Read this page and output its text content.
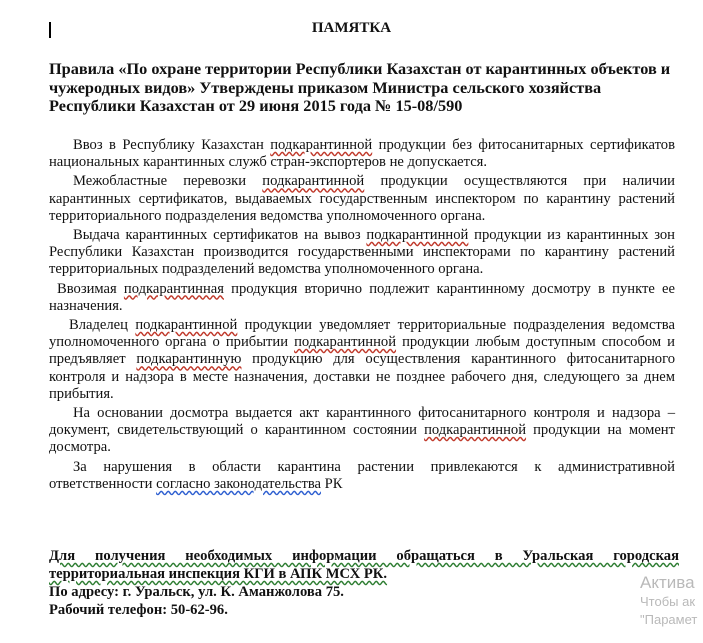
ПАМЯТКА
Правила «По охране территории Республики Казахстан от карантинных объектов и чужеродных видов» Утверждены приказом Министра сельского хозяйства Республики Казахстан от 29 июня 2015 года № 15-08/590

Ввоз в Республику Казахстан подкарантинной продукции без фитосанитарных сертификатов национальных карантинных служб стран-экспортеров не допускается.

Межобластные перевозки подкарантинной продукции осуществляются при наличии карантинных сертификатов, выдаваемых государственным инспектором по карантину растений территориального подразделения ведомства уполномоченного органа.

Выдача карантинных сертификатов на вывоз подкарантинной продукции из карантинных зон Республики Казахстан производится государственными инспекторами по карантину растений территориальных подразделений ведомства уполномоченного органа.

Ввозимая подкарантинная продукция вторично подлежит карантинному досмотру в пункте ее назначения.

Владелец подкарантинной продукции уведомляет территориальные подразделения ведомства уполномоченного органа о прибытии подкарантинной продукции любым доступным способом и предъявляет подкарантинную продукцию для осуществления карантинного фитосанитарного контроля и надзора в месте назначения, доставки не позднее рабочего дня, следующего за днем прибытия.

На основании досмотра выдается акт карантинного фитосанитарного контроля и надзора – документ, свидетельствующий о карантинном состоянии подкарантинной продукции на момент досмотра.

За нарушения в области карантина растении привлекаются к административной ответственности согласно законодательства РК

Для получения необходимых информации обращаться в Уральская городская территориальная инспекция КГИ в АПК МСХ РК.
По адресу: г. Уральск, ул. К. Аманжолова 75.
Рабочий телефон: 50-62-96.
Актива
Чтобы ак
"Парамет
